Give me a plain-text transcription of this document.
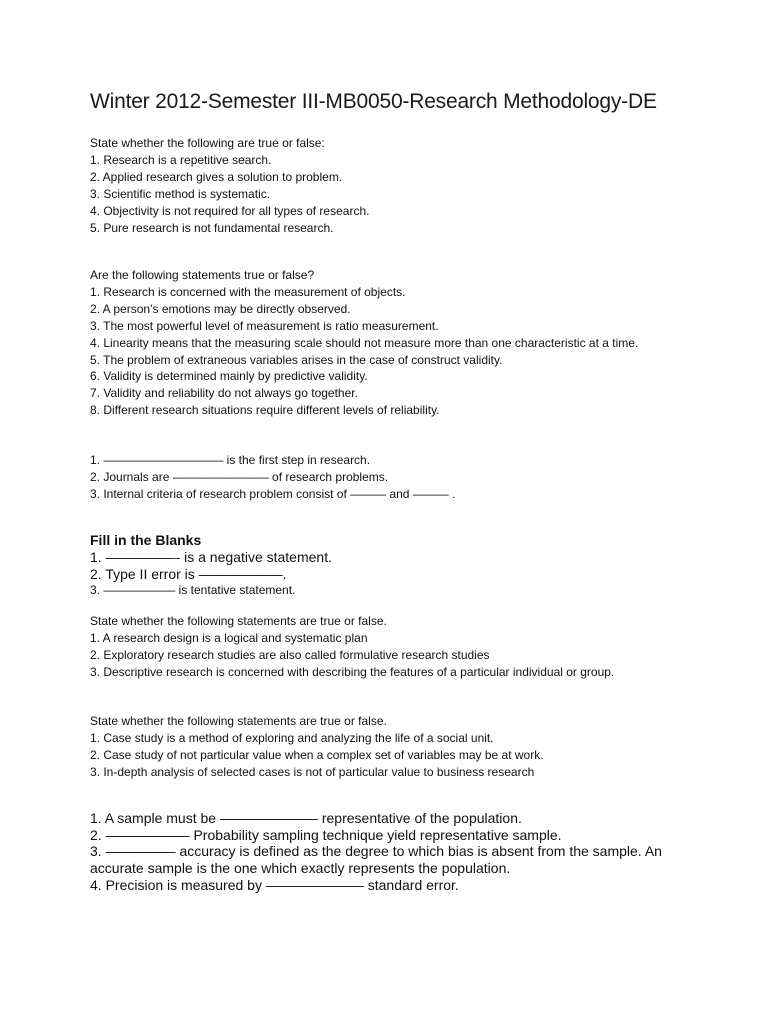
Winter 2012-Semester III-MB0050-Research Methodology-DE
State whether the following are true or false:
1. Research is a repetitive search.
2. Applied research gives a solution to problem.
3. Scientific method is systematic.
4. Objectivity is not required for all types of research.
5. Pure research is not fundamental research.
Are the following statements true or false?
1. Research is concerned with the measurement of objects.
2. A person’s emotions may be directly observed.
3. The most powerful level of measurement is ratio measurement.
4. Linearity means that the measuring scale should not measure more than one characteristic at a time.
5. The problem of extraneous variables arises in the case of construct validity.
6. Validity is determined mainly by predictive validity.
7. Validity and reliability do not always go together.
8. Different research situations require different levels of reliability.
1. —————————— is the first step in research.
2. Journals are ———————— of research problems.
3. Internal criteria of research problem consist of ——— and ——— .
Fill in the Blanks
1. —————- is a negative statement.
2. Type II error is ——————.
3. —————— is tentative statement.
State whether the following statements are true or false.
1. A research design is a logical and systematic plan
2. Exploratory research studies are also called formulative research studies
3. Descriptive research is concerned with describing the features of a particular individual or group.
State whether the following statements are true or false.
1. Case study is a method of exploring and analyzing the life of a social unit.
2. Case study of not particular value when a complex set of variables may be at work.
3. In-depth analysis of selected cases is not of particular value to business research
1. A sample must be ——————— representative of the population.
2. —————— Probability sampling technique yield representative sample.
3. ————— accuracy is defined as the degree to which bias is absent from the sample. An accurate sample is the one which exactly represents the population.
4. Precision is measured by ——————— standard error.
